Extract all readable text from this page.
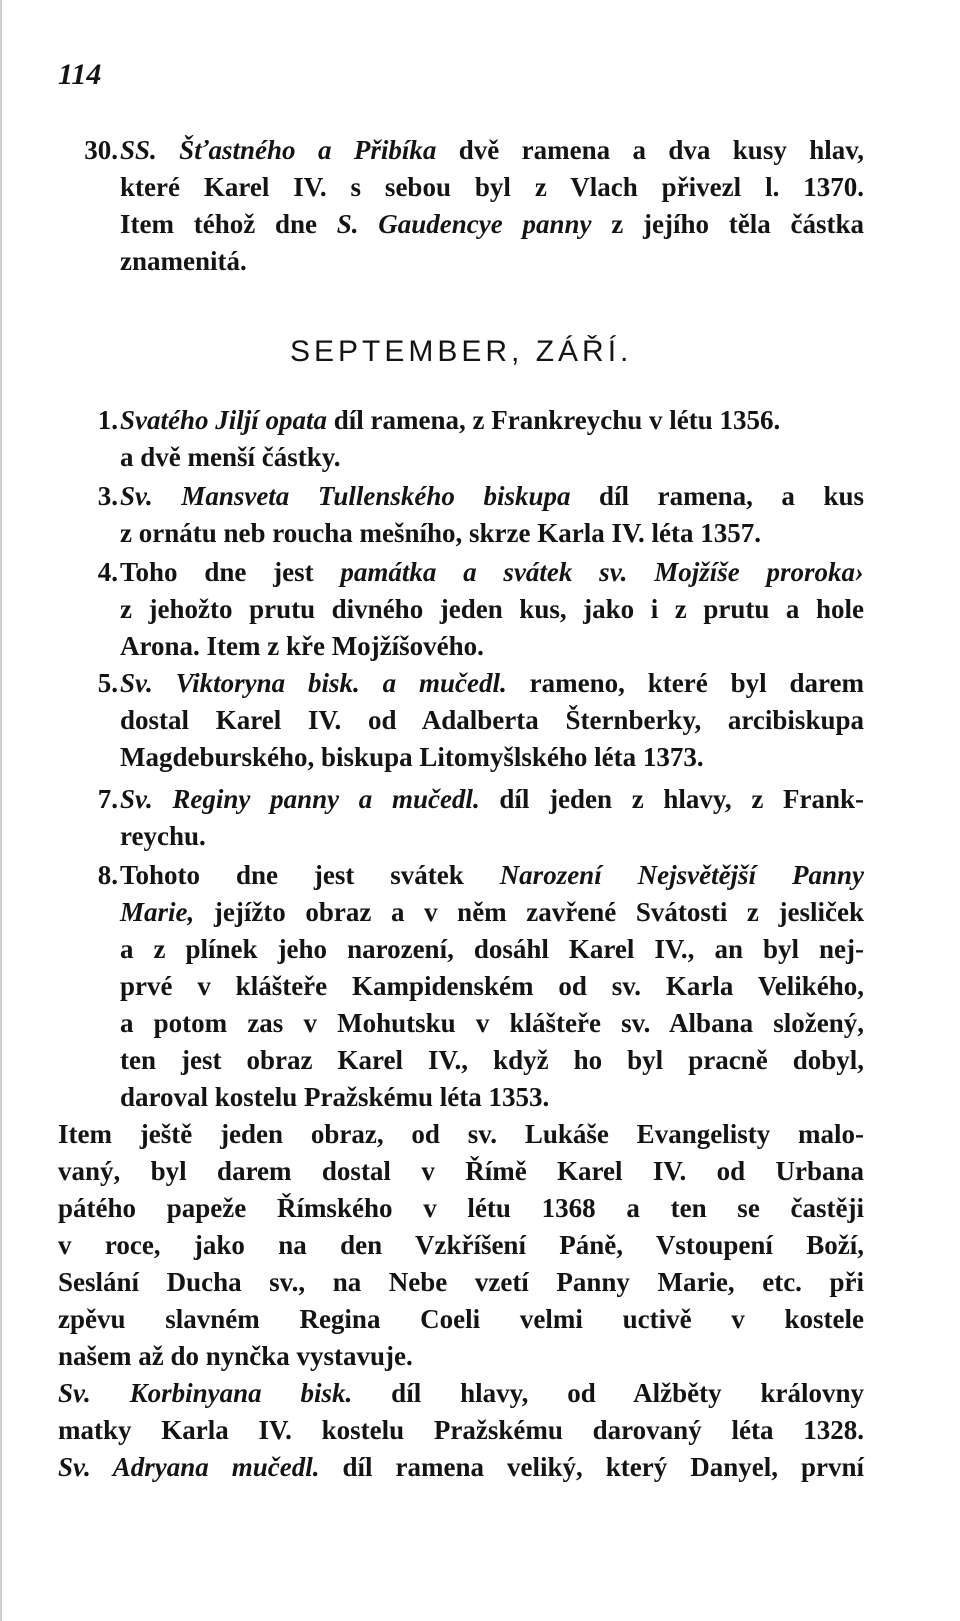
114
30. SS. Šťastného a Přibíka dvě ramena a dva kusy hlav,
které Karel IV. s sebou byl z Vlach přivezl l. 1370.
Item téhož dne S. Gaudencye panny z jejího těla částka
znamenitá.
SEPTEMBER, ZÁŘÍ.
1. Svatého Jiljí opata díl ramena, z Frankreychu v létu 1356.
a dvě menší částky.
3. Sv. Mansveta Tullenského biskupa díl ramena, a kus
z ornátu neb roucha mešního, skrze Karla IV. léta 1357.
4. Toho dne jest památka a svátek sv. Mojžíše proroka›
z jehožto prutu divného jeden kus, jako i z prutu a hole
Arona. Item z kře Mojžíšového.
5. Sv. Viktoryna bisk. a mučedl. rameno, které byl darem
dostal Karel IV. od Adalberta Šternberky, arcibiskupa
Magdeburského, biskupa Litomyšlského léta 1373.
7. Sv. Reginy panny a mučedl. díl jeden z hlavy, z Frank-
reychu.
8. Tohoto dne jest svátek Narození Nejsvětější Panny
Marie, jejížto obraz a v něm zavřené Svátosti z jesliček
a z plínek jeho narození, dosáhl Karel IV., an byl nej-
prvé v klášteře Kampidenském od sv. Karla Velikého,
a potom zas v Mohutsku v klášteře sv. Albana složený,
ten jest obraz Karel IV., když ho byl pracně dobyl,
daroval kostelu Pražskému léta 1353.
Item ještě jeden obraz, od sv. Lukáše Evangelisty malo-
vaný, byl darem dostal v Římě Karel IV. od Urbana
pátého papeže Římského v létu 1368 a ten se častěji
v roce, jako na den Vzkříšení Páně, Vstoupení Boží,
Seslání Ducha sv., na Nebe vzetí Panny Marie, etc. při
zpěvu slavném Regina Coeli velmi uctivě v kostele
našem až do nynčka vystavuje.
Sv. Korbinyana bisk. díl hlavy, od Alžběty královny
matky Karla IV. kostelu Pražskému darovaný léta 1328.
Sv. Adryana mučedl. díl ramena veliký, který Danyel, první
